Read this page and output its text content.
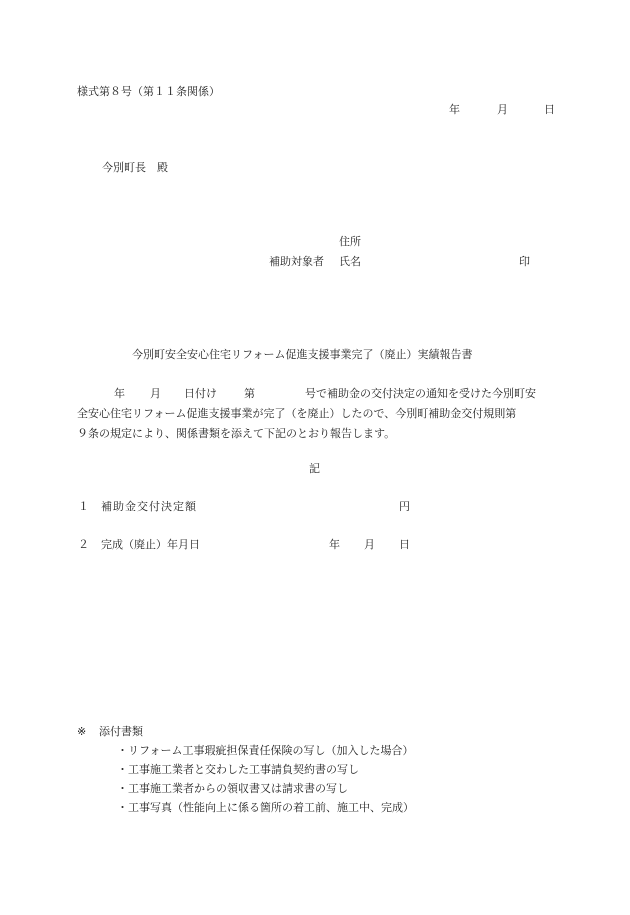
様式第８号（第１１条関係）
年	月	日
今別町長　殿
住所
補助対象者 氏名	印
今別町安全安心住宅リフォーム促進支援事業完了（廃止）実績報告書
年 月 日付け 第	号で補助金の交付決定の通知を受けた今別町安
全安心住宅リフォーム促進支援事業が完了（を廃止）したので、今別町補助金交付規則第
９条の規定により、関係書類を添えて下記のとおり報告します。
記
１ 補助金交付決定額	円
２ 完成（廃止）年月日	年 月 日
※ 添付書類
・リフォーム工事瑕疵担保責任保険の写し（加入した場合）
・工事施工業者と交わした工事請負契約書の写し
・工事施工業者からの領収書又は請求書の写し
・工事写真（性能向上に係る箇所の着工前、施工中、完成）
